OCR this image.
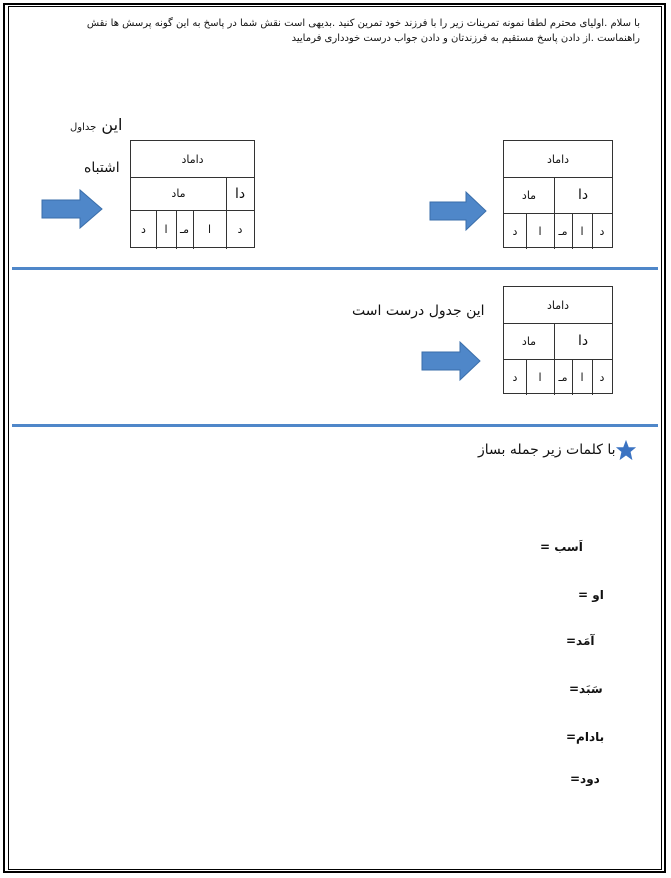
با سلام .اولیای محترم لطفا نمونه تمرینات زیر را با فرزند خود تمرین کنید .بدیهی است نقش شما در پاسخ به این گونه پرسش ها نقش راهنماست .از دادن پاسخ مستقیم به فرزندتان و دادن جواب درست خودداری فرمایید
این جداول
اشتباه
داماد
دا
ماد
د
ا
مـ
ا
د
داماد
دا
ماد
د
ا
مـ
ا
د
این جدول درست است	داماد
دا
ماد
د
ا
مـ
ا
د
با کلمات زیر جمله بساز
اَسب =
او =
آمَد=
سَبَد=
بادام=
دود=
